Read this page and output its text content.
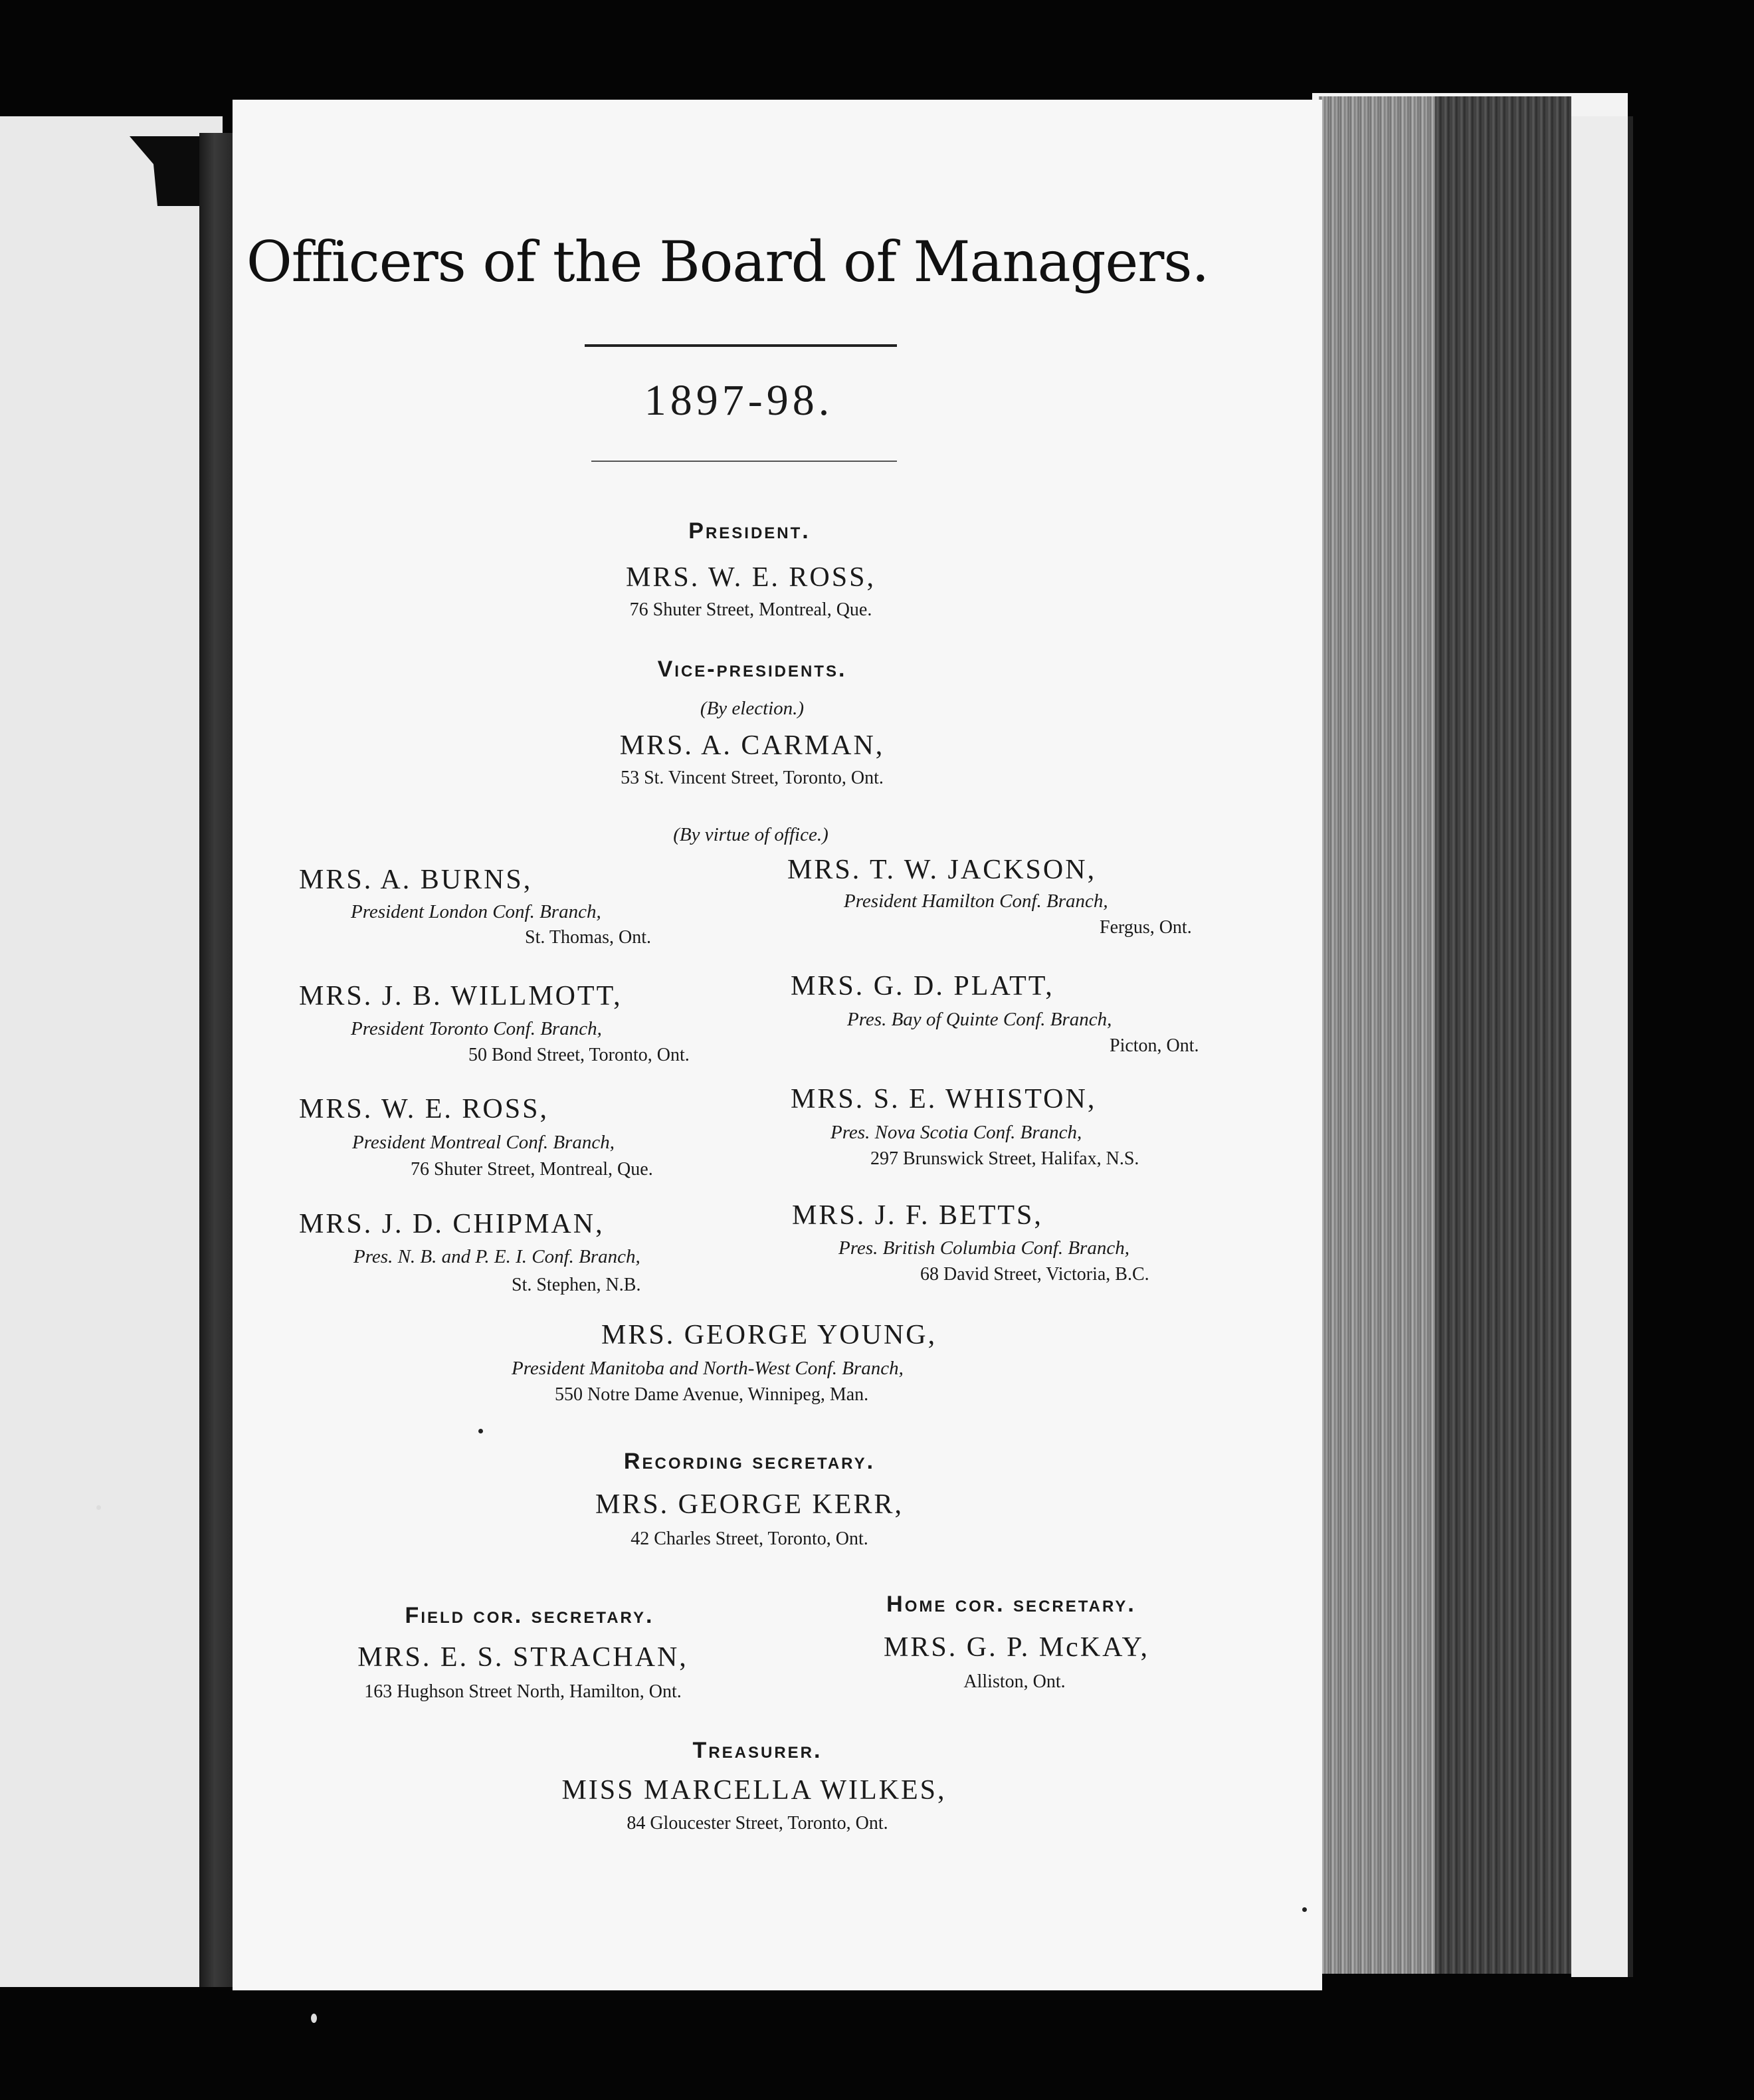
Officers of the Board of Managers.
1897-98.
President.
MRS. W. E. ROSS,
76 Shuter Street, Montreal, Que.
Vice-presidents.
(By election.)
MRS. A. CARMAN,
53 St. Vincent Street, Toronto, Ont.
(By virtue of office.)
MRS. A. BURNS,
President London Conf. Branch,
St. Thomas, Ont.
MRS. T. W. JACKSON,
President Hamilton Conf. Branch,
Fergus, Ont.
MRS. J. B. WILLMOTT,
President Toronto Conf. Branch,
50 Bond Street, Toronto, Ont.
MRS. G. D. PLATT,
Pres. Bay of Quinte Conf. Branch,
Picton, Ont.
MRS. W. E. ROSS,
President Montreal Conf. Branch,
76 Shuter Street, Montreal, Que.
MRS. S. E. WHISTON,
Pres. Nova Scotia Conf. Branch,
297 Brunswick Street, Halifax, N.S.
MRS. J. D. CHIPMAN,
Pres. N. B. and P. E. I. Conf. Branch,
St. Stephen, N.B.
MRS. J. F. BETTS,
Pres. British Columbia Conf. Branch,
68 David Street, Victoria, B.C.
MRS. GEORGE YOUNG,
President Manitoba and North-West Conf. Branch,
550 Notre Dame Avenue, Winnipeg, Man.
Recording secretary.
MRS. GEORGE KERR,
42 Charles Street, Toronto, Ont.
Field cor. secretary.
MRS. E. S. STRACHAN,
163 Hughson Street North, Hamilton, Ont.
Home cor. secretary.
MRS. G. P. McKAY,
Alliston, Ont.
Treasurer.
MISS MARCELLA WILKES,
84 Gloucester Street, Toronto, Ont.
